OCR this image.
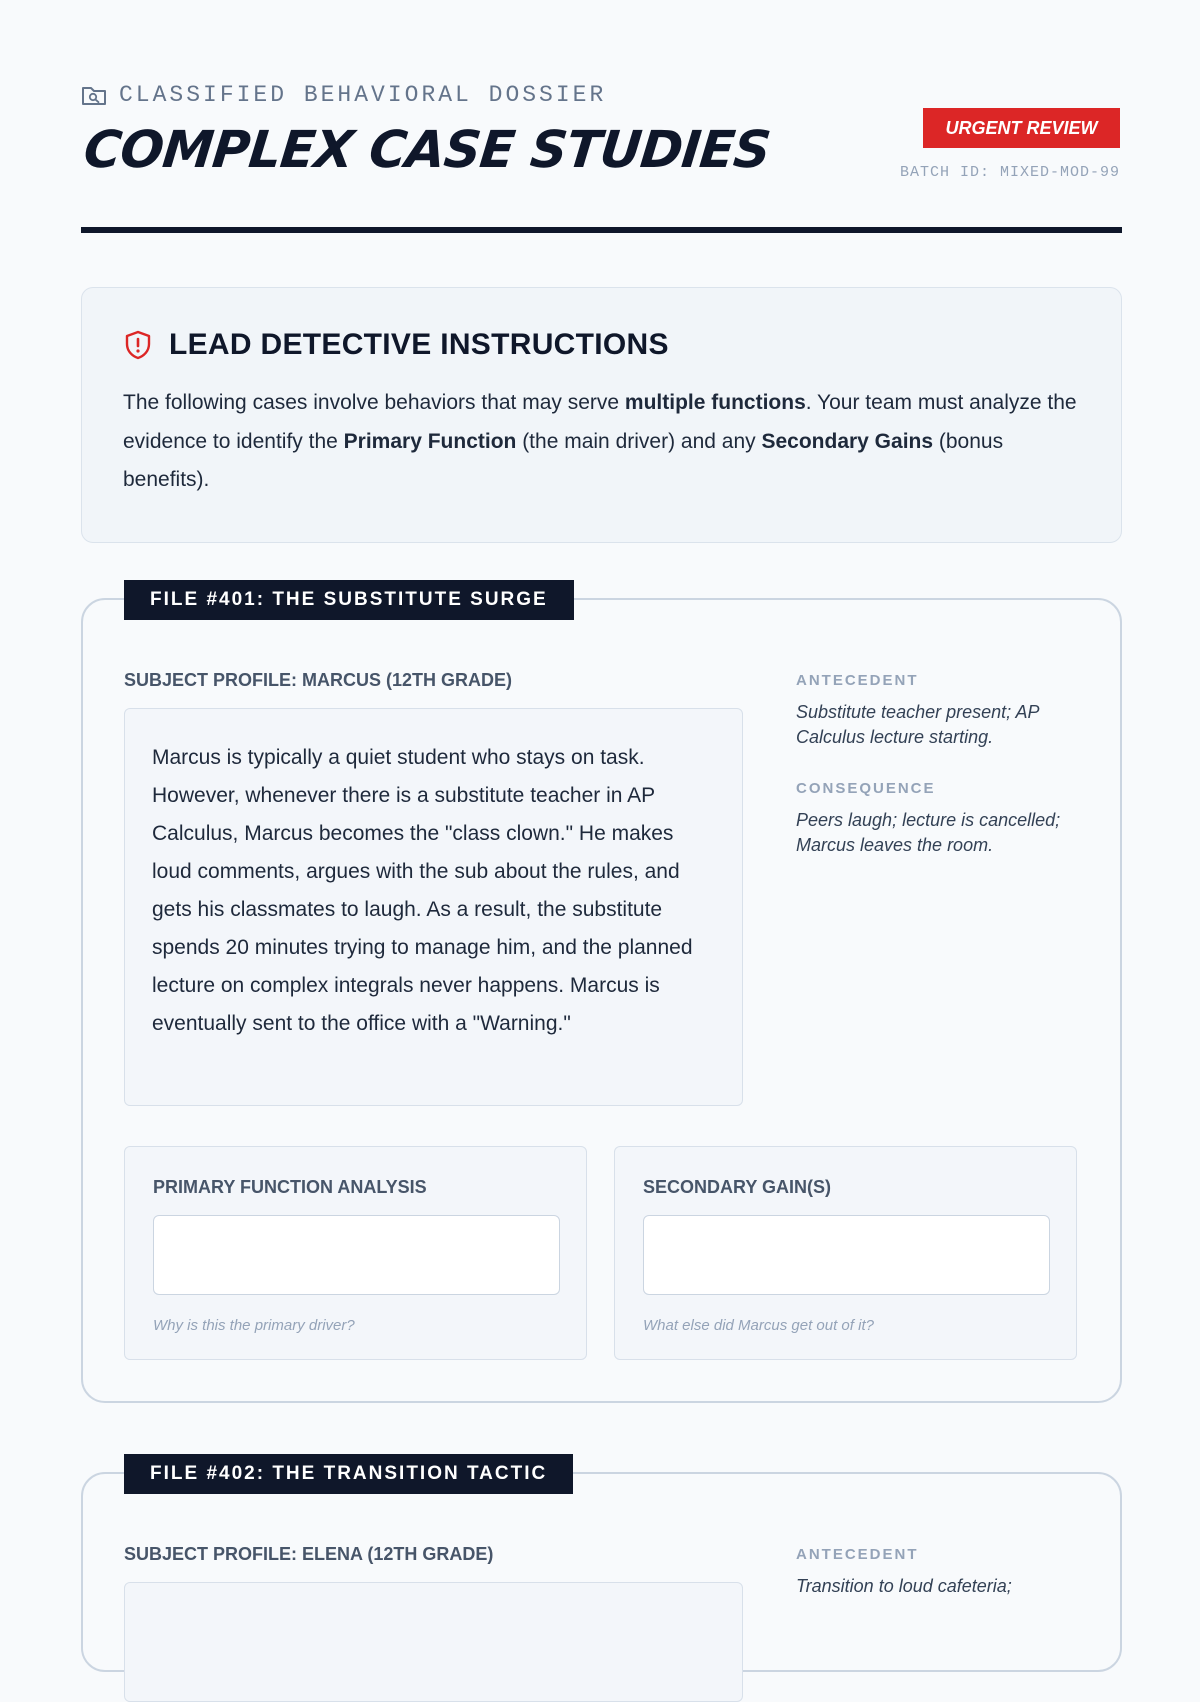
CLASSIFIED BEHAVIORAL DOSSIER
COMPLEX CASE STUDIES	URGENT REVIEW
BATCH ID: MIXED-MOD-99
LEAD DETECTIVE INSTRUCTIONS
The following cases involve behaviors that may serve multiple functions. Your team must analyze the evidence to identify the Primary Function (the main driver) and any Secondary Gains (bonus benefits).
FILE #401: THE SUBSTITUTE SURGE
SUBJECT PROFILE: MARCUS (12TH GRADE)
Marcus is typically a quiet student who stays on task. However, whenever there is a substitute teacher in AP Calculus, Marcus becomes the "class clown." He makes loud comments, argues with the sub about the rules, and gets his classmates to laugh. As a result, the substitute spends 20 minutes trying to manage him, and the planned lecture on complex integrals never happens. Marcus is eventually sent to the office with a "Warning."
ANTECEDENT
Substitute teacher present; AP Calculus lecture starting.
CONSEQUENCE
Peers laugh; lecture is cancelled; Marcus leaves the room.
PRIMARY FUNCTION ANALYSIS
Why is this the primary driver?
SECONDARY GAIN(S)
What else did Marcus get out of it?
FILE #402: THE TRANSITION TACTIC
SUBJECT PROFILE: ELENA (12TH GRADE)	ANTECEDENT
Transition to loud cafeteria;
